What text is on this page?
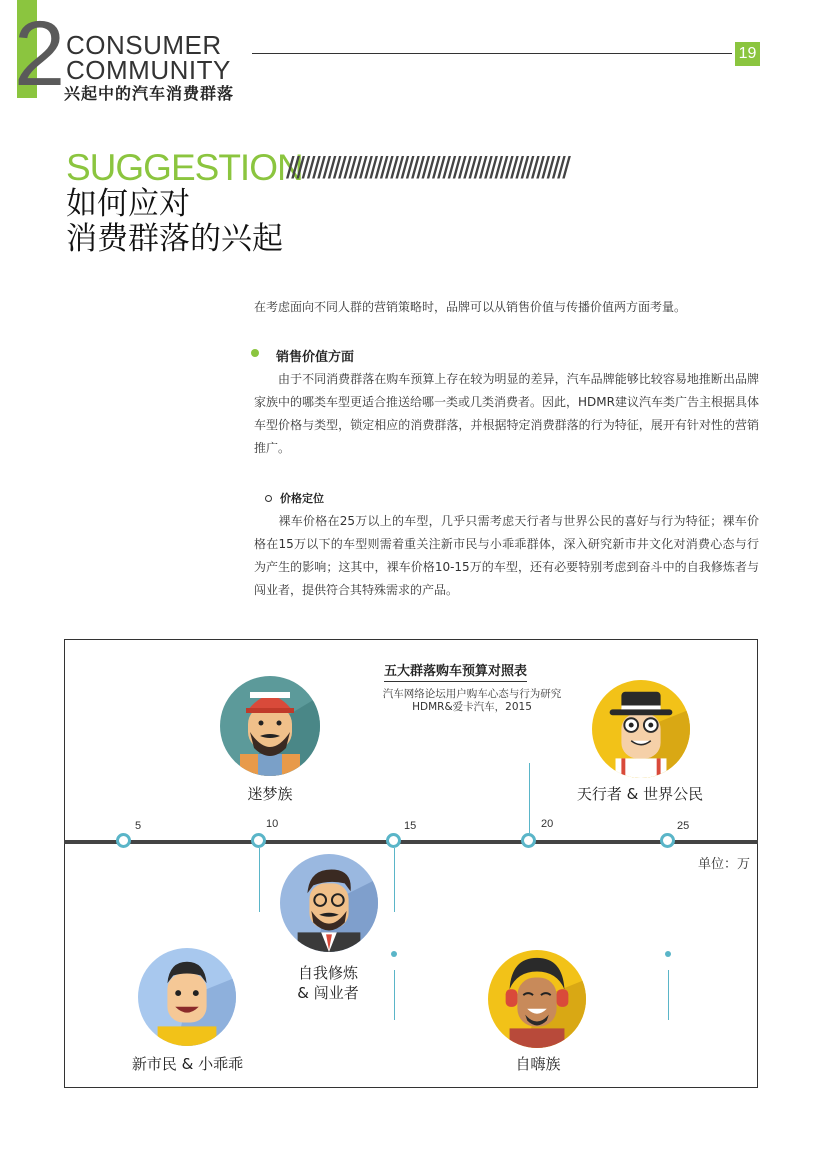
2 CONSUMER
COMMUNITY
兴起中的汽车消费群落
19
SUGGESTION
//////////////////////////////////////////////////////
如何应对
消费群落的兴起
在考虑面向不同人群的营销策略时，品牌可以从销售价值与传播价值两方面考量。
销售价值方面
　　由于不同消费群落在购车预算上存在较为明显的差异，汽车品牌能够比较容易地推断出品牌家族中的哪类车型更适合推送给哪一类或几类消费者。因此，HDMR建议汽车类广告主根据具体车型价格与类型，锁定相应的消费群落，并根据特定消费群落的行为特征，展开有针对性的营销推广。
价格定位
　　裸车价格在25万以上的车型，几乎只需考虑天行者与世界公民的喜好与行为特征；裸车价格在15万以下的车型则需着重关注新市民与小乖乖群体，深入研究新市井文化对消费心态与行为产生的影响；这其中，裸车价格10-15万的车型，还有必要特别考虑到奋斗中的自我修炼者与闯业者，提供符合其特殊需求的产品。
五大群落购车预算对照表
汽车网络论坛用户购车心态与行为研究
HDMR&爱卡汽车，2015
5	10	15	20	25
单位：万
迷梦族	天行者 & 世界公民
自我修炼
& 闯业者
新市民 & 小乖乖	自嗨族
